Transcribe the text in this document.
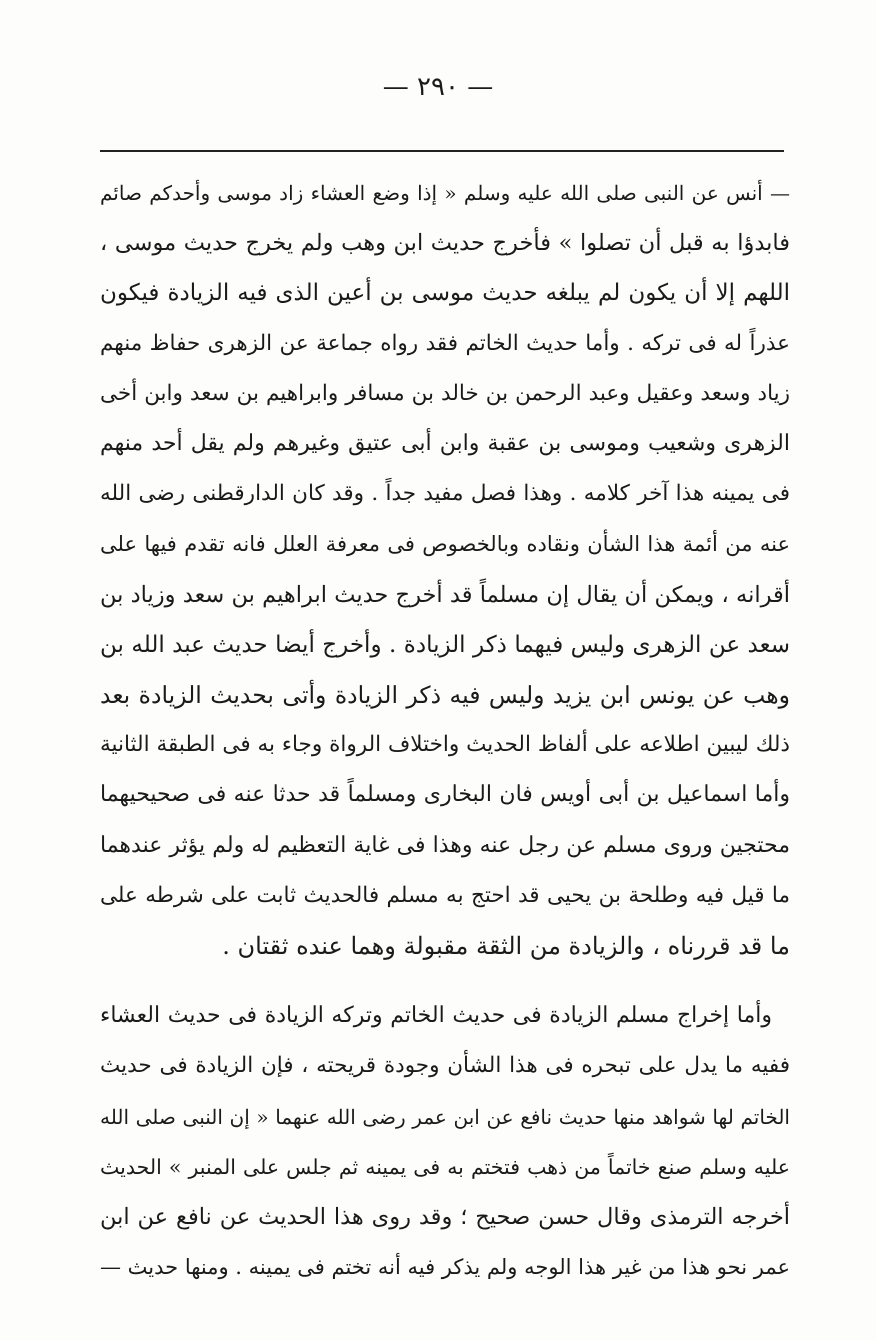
— ٢٩٠ —

— أنس عن النبى صلى الله عليه وسلم « إذا وضع العشاء زاد موسى وأحدكم صائم
فابدؤا به قبل أن تصلوا » فأخرج حديث ابن وهب ولم يخرج حديث موسى ،
اللهم إلا أن يكون لم يبلغه حديث موسى بن أعين الذى فيه الزيادة فيكون
عذراً له فى تركه . وأما حديث الخاتم فقد رواه جماعة عن الزهرى حفاظ منهم
زياد وسعد وعقيل وعبد الرحمن بن خالد بن مسافر وابراهيم بن سعد وابن أخى
الزهرى وشعيب وموسى بن عقبة وابن أبى عتيق وغيرهم ولم يقل أحد منهم
فى يمينه هذا آخر كلامه . وهذا فصل مفيد جداً . وقد كان الدارقطنى رضى الله
عنه من أئمة هذا الشأن ونقاده وبالخصوص فى معرفة العلل فانه تقدم فيها على
أقرانه ، ويمكن أن يقال إن مسلماً قد أخرج حديث ابراهيم بن سعد وزياد بن
سعد عن الزهرى وليس فيهما ذكر الزيادة . وأخرج أيضا حديث عبد الله بن
وهب عن يونس ابن يزيد وليس فيه ذكر الزيادة وأتى بحديث الزيادة بعد
ذلك ليبين اطلاعه على ألفاظ الحديث واختلاف الرواة وجاء به فى الطبقة الثانية
وأما اسماعيل بن أبى أويس فان البخارى ومسلماً قد حدثا عنه فى صحيحيهما
محتجين وروى مسلم عن رجل عنه وهذا فى غاية التعظيم له ولم يؤثر عندهما
ما قيل فيه وطلحة بن يحيى قد احتج به مسلم فالحديث ثابت على شرطه على
ما قد قررناه ، والزيادة من الثقة مقبولة وهما عنده ثقتان .

وأما إخراج مسلم الزيادة فى حديث الخاتم وتركه الزيادة فى حديث العشاء
ففيه ما يدل على تبحره فى هذا الشأن وجودة قريحته ، فإن الزيادة فى حديث
الخاتم لها شواهد منها حديث نافع عن ابن عمر رضى الله عنهما « إن النبى صلى الله
عليه وسلم صنع خاتماً من ذهب فتختم به فى يمينه ثم جلس على المنبر » الحديث
أخرجه الترمذى وقال حسن صحيح ؛ وقد روى هذا الحديث عن نافع عن ابن
عمر نحو هذا من غير هذا الوجه ولم يذكر فيه أنه تختم فى يمينه . ومنها حديث —
